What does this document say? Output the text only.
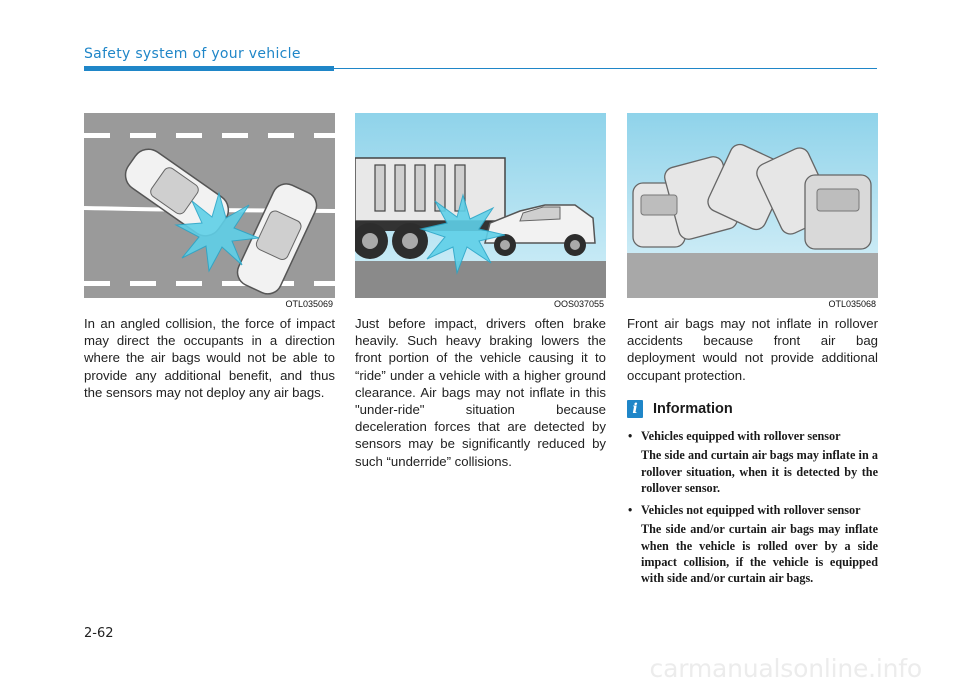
Safety system of your vehicle
OTL035069	OOS037055	OTL035068
In an angled collision, the force of impact may direct the occupants in a direction where the air bags would not be able to provide any additional benefit, and thus the sensors may not deploy any air bags.
Just before impact, drivers often brake heavily. Such heavy braking lowers the front portion of the vehicle causing it to “ride” under a vehicle with a higher ground clearance. Air bags may not inflate in this "under-ride" situation because deceleration forces that are detected by sensors may be significantly reduced by such “underride” collisions.
Front air bags may not inflate in rollover accidents because front air bag deployment would not provide additional occupant protection.
i	Information
• Vehicles equipped with rollover sensor

The side and curtain air bags may inflate in a rollover situation, when it is detected by the rollover sensor.

• Vehicles not equipped with rollover sensor

The side and/or curtain air bags may inflate when the vehicle is rolled over by a side impact collision, if the vehicle is equipped with side and/or curtain air bags.

2-62
carmanualsonline.info
